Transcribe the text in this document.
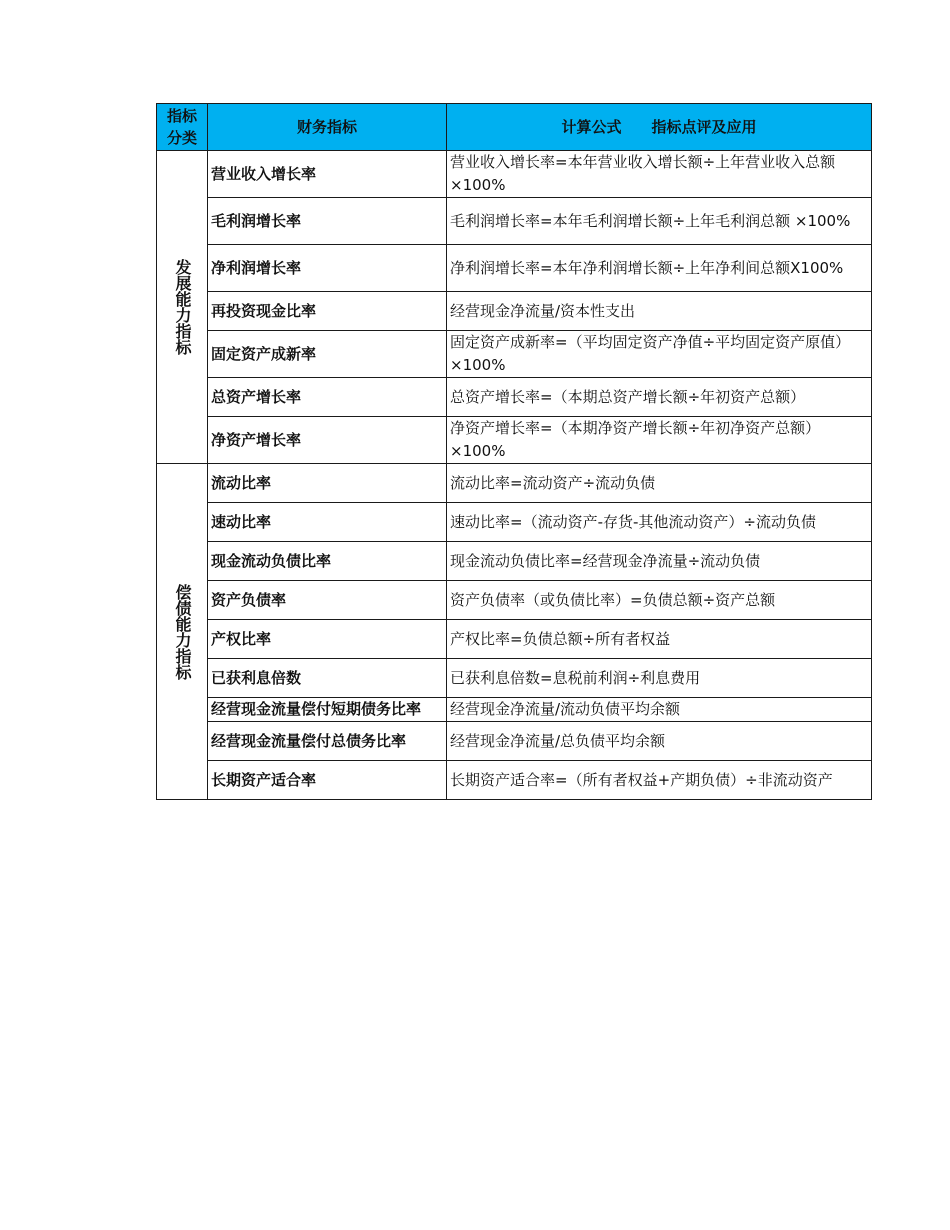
指标
分类	财务指标	计算公式　　指标点评及应用

发展能力指标	营业收入增长率	营业收入增长率=本年营业收入增长额÷上年营业收入总额×100%
	毛利润增长率	毛利润增长率=本年毛利润增长额÷上年毛利润总额 ×100%
	净利润增长率	净利润增长率=本年净利润增长额÷上年净利间总额X100%
	再投资现金比率	经营现金净流量/资本性支出
	固定资产成新率	固定资产成新率=（平均固定资产净值÷平均固定资产原值） ×100%
	总资产增长率	总资产增长率=（本期总资产增长额÷年初资产总额）
	净资产增长率	净资产增长率=（本期净资产增长额÷年初净资产总额） ×100%

偿债能力指标	流动比率	流动比率=流动资产÷流动负债
	速动比率	速动比率=（流动资产-存货-其他流动资产）÷流动负债
	现金流动负债比率	现金流动负债比率=经营现金净流量÷流动负债
	资产负债率	资产负债率（或负债比率）=负债总额÷资产总额
	产权比率	产权比率=负债总额÷所有者权益
	已获利息倍数	已获利息倍数=息税前利润÷利息费用
	经营现金流量偿付短期债务比率	经营现金净流量/流动负债平均余额
	经营现金流量偿付总债务比率	经营现金净流量/总负债平均余额
	长期资产适合率	长期资产适合率=（所有者权益+产期负债）÷非流动资产
